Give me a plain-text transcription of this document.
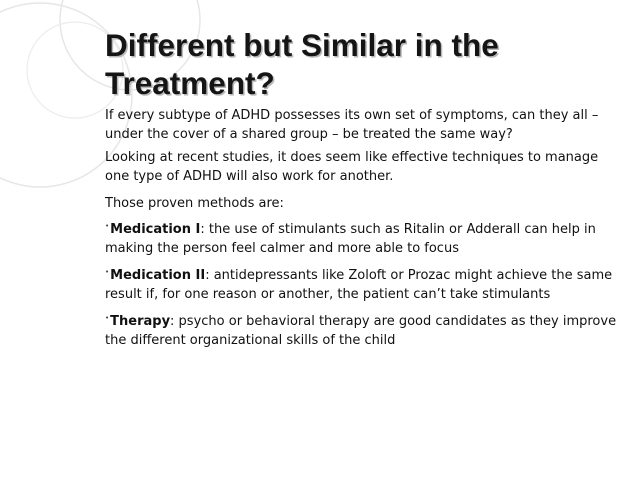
Different but Similar in the Treatment?

If every subtype of ADHD possesses its own set of symptoms, can they all – under the cover of a shared group – be treated the same way?

Looking at recent studies, it does seem like effective techniques to manage one type of ADHD will also work for another.

Those proven methods are:

•Medication I: the use of stimulants such as Ritalin or Adderall can help in making the person feel calmer and more able to focus

•Medication II: antidepressants like Zoloft or Prozac might achieve the same result if, for one reason or another, the patient can’t take stimulants

•Therapy: psycho or behavioral therapy are good candidates as they improve the different organizational skills of the child
